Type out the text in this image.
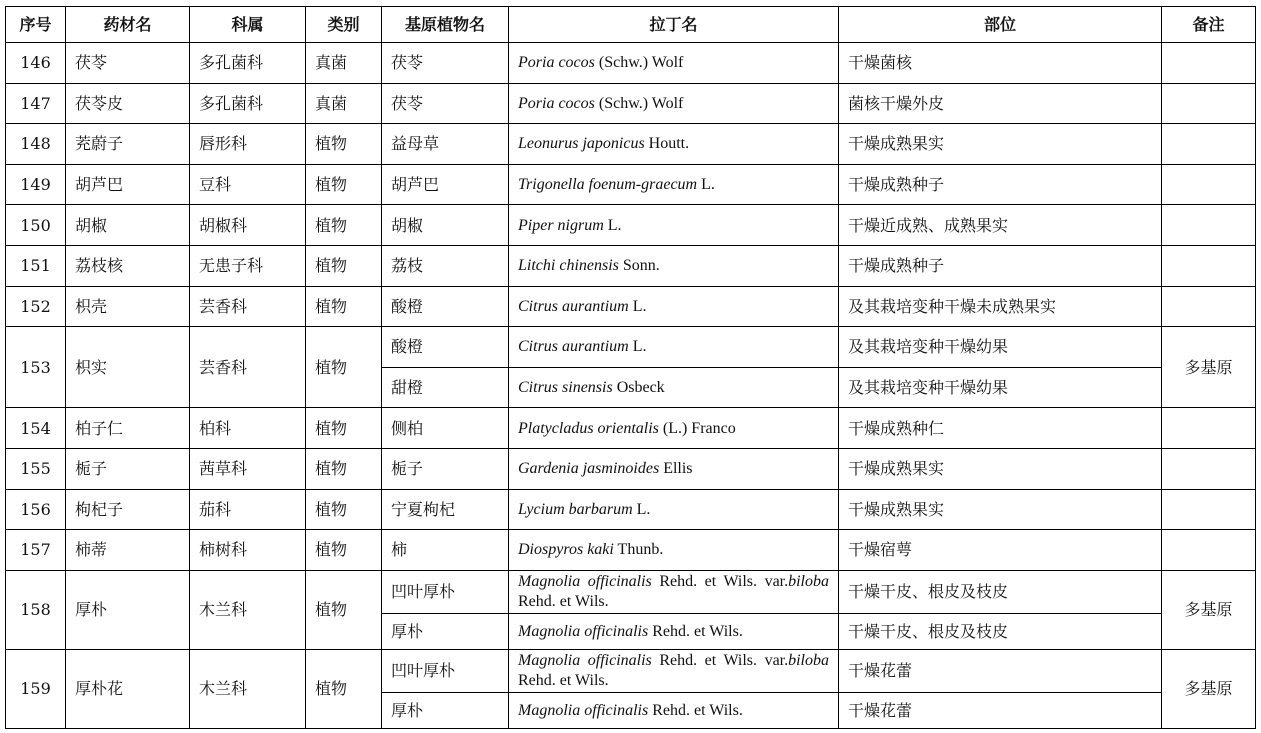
序号	药材名	科属	类别	基原植物名	拉丁名	部位	备注
146	茯苓	多孔菌科	真菌	茯苓	Poria cocos (Schw.) Wolf	干燥菌核	
147	茯苓皮	多孔菌科	真菌	茯苓	Poria cocos (Schw.) Wolf	菌核干燥外皮	
148	茺蔚子	唇形科	植物	益母草	Leonurus japonicus Houtt.	干燥成熟果实	
149	胡芦巴	豆科	植物	胡芦巴	Trigonella foenum-graecum L.	干燥成熟种子	
150	胡椒	胡椒科	植物	胡椒	Piper nigrum L.	干燥近成熟、成熟果实	
151	荔枝核	无患子科	植物	荔枝	Litchi chinensis Sonn.	干燥成熟种子	
152	枳壳	芸香科	植物	酸橙	Citrus aurantium L.	及其栽培变种干燥未成熟果实	
153	枳实	芸香科	植物	酸橙	Citrus aurantium L.	及其栽培变种干燥幼果	多基原
				甜橙	Citrus sinensis Osbeck	及其栽培变种干燥幼果	
154	柏子仁	柏科	植物	侧柏	Platycladus orientalis (L.) Franco	干燥成熟种仁	
155	栀子	茜草科	植物	栀子	Gardenia jasminoides Ellis	干燥成熟果实	
156	枸杞子	茄科	植物	宁夏枸杞	Lycium barbarum L.	干燥成熟果实	
157	柿蒂	柿树科	植物	柿	Diospyros kaki Thunb.	干燥宿萼	
158	厚朴	木兰科	植物	凹叶厚朴	Magnolia officinalis Rehd. et Wils. var.biloba Rehd. et Wils.	干燥干皮、根皮及枝皮	多基原
				厚朴	Magnolia officinalis Rehd. et Wils.	干燥干皮、根皮及枝皮	
159	厚朴花	木兰科	植物	凹叶厚朴	Magnolia officinalis Rehd. et Wils. var.biloba Rehd. et Wils.	干燥花蕾	多基原
				厚朴	Magnolia officinalis Rehd. et Wils.	干燥花蕾	
